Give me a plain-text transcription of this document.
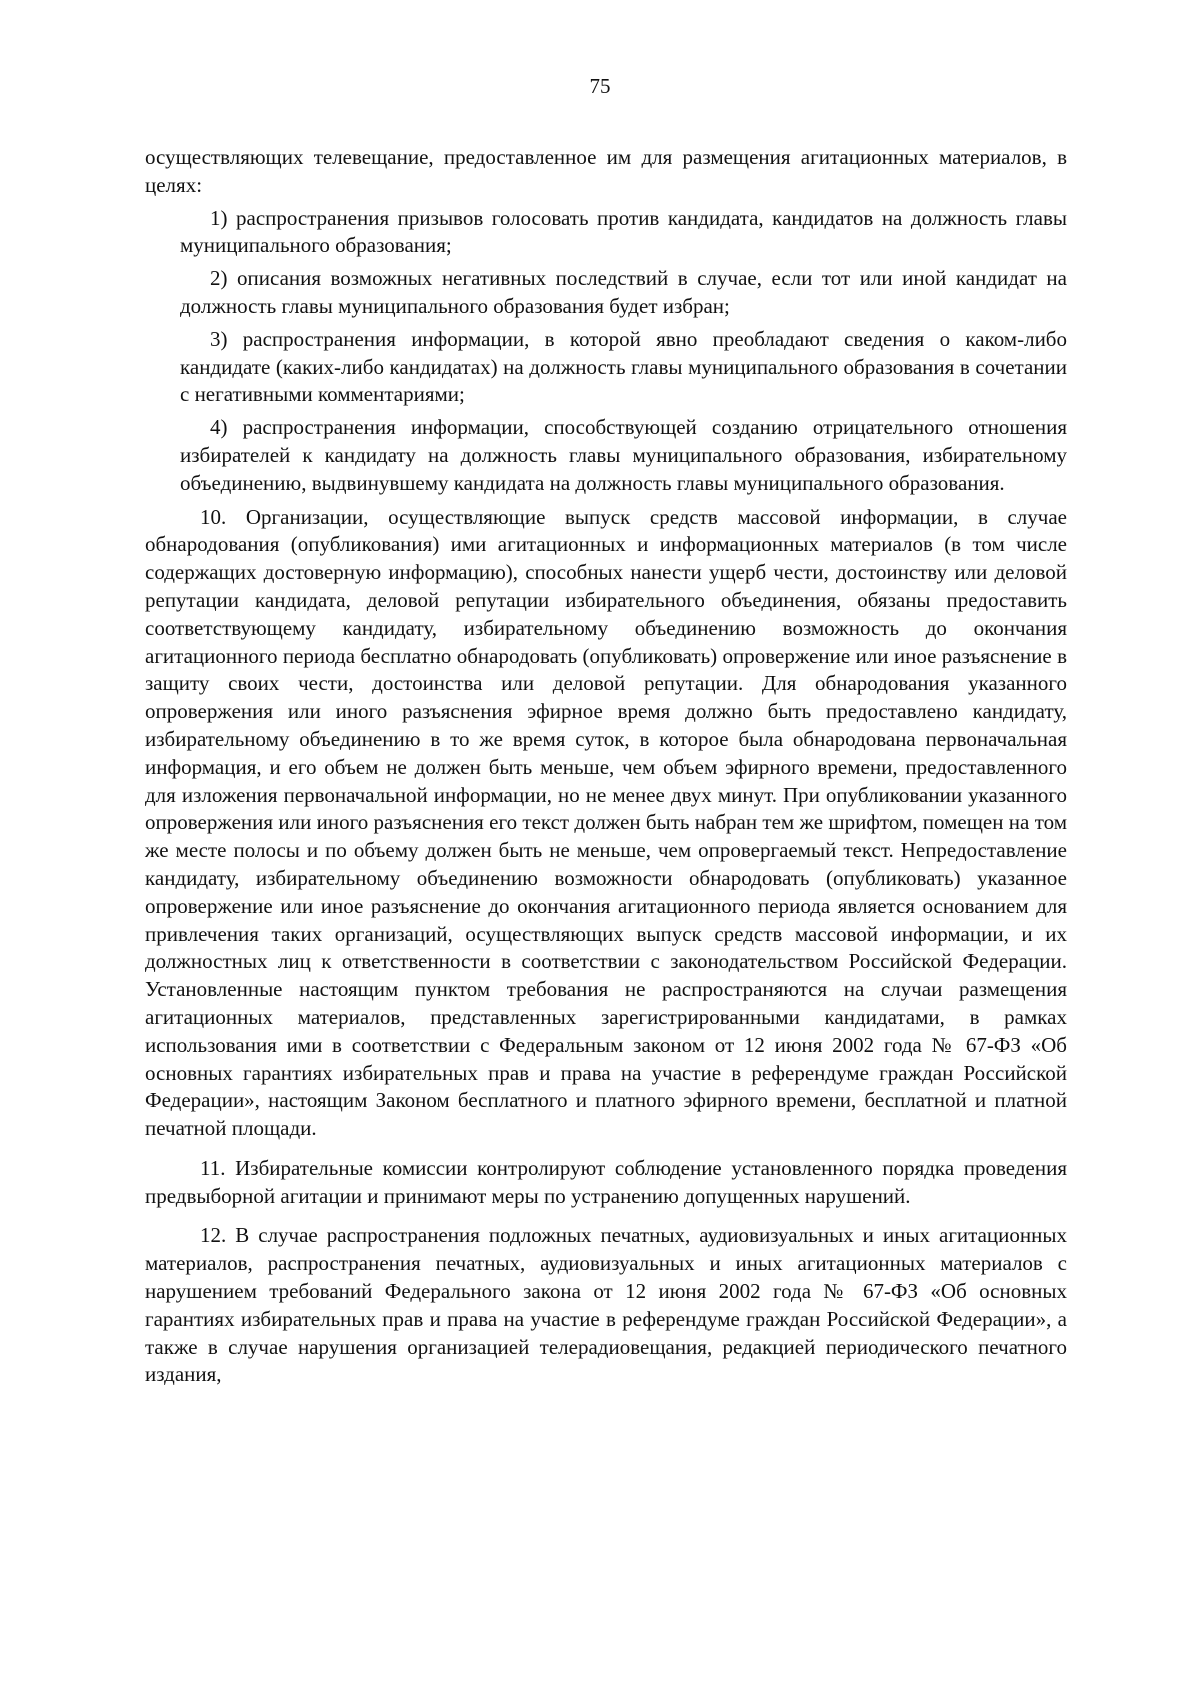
75

осуществляющих телевещание, предоставленное им для размещения агитационных материалов, в целях:

1) распространения призывов голосовать против кандидата, кандидатов на должность главы муниципального образования;

2) описания возможных негативных последствий в случае, если тот или иной кандидат на должность главы муниципального образования будет избран;

3) распространения информации, в которой явно преобладают сведения о каком-либо кандидате (каких-либо кандидатах) на должность главы муниципального образования в сочетании с негативными комментариями;

4) распространения информации, способствующей созданию отрицательного отношения избирателей к кандидату на должность главы муниципального образования, избирательному объединению, выдвинувшему кандидата на должность главы муниципального образования.

10. Организации, осуществляющие выпуск средств массовой информации, в случае обнародования (опубликования) ими агитационных и информационных материалов (в том числе содержащих достоверную информацию), способных нанести ущерб чести, достоинству или деловой репутации кандидата, деловой репутации избирательного объединения, обязаны предоставить соответствующему кандидату, избирательному объединению возможность до окончания агитационного периода бесплатно обнародовать (опубликовать) опровержение или иное разъяснение в защиту своих чести, достоинства или деловой репутации. Для обнародования указанного опровержения или иного разъяснения эфирное время должно быть предоставлено кандидату, избирательному объединению в то же время суток, в которое была обнародована первоначальная информация, и его объем не должен быть меньше, чем объем эфирного времени, предоставленного для изложения первоначальной информации, но не менее двух минут. При опубликовании указанного опровержения или иного разъяснения его текст должен быть набран тем же шрифтом, помещен на том же месте полосы и по объему должен быть не меньше, чем опровергаемый текст. Непредоставление кандидату, избирательному объединению возможности обнародовать (опубликовать) указанное опровержение или иное разъяснение до окончания агитационного периода является основанием для привлечения таких организаций, осуществляющих выпуск средств массовой информации, и их должностных лиц к ответственности в соответствии с законодательством Российской Федерации. Установленные настоящим пунктом требования не распространяются на случаи размещения агитационных материалов, представленных зарегистрированными кандидатами, в рамках использования ими в соответствии с Федеральным законом от 12 июня 2002 года № 67-ФЗ «Об основных гарантиях избирательных прав и права на участие в референдуме граждан Российской Федерации», настоящим Законом бесплатного и платного эфирного времени, бесплатной и платной печатной площади.

11. Избирательные комиссии контролируют соблюдение установленного порядка проведения предвыборной агитации и принимают меры по устранению допущенных нарушений.

12. В случае распространения подложных печатных, аудиовизуальных и иных агитационных материалов, распространения печатных, аудиовизуальных и иных агитационных материалов с нарушением требований Федерального закона от 12 июня 2002 года № 67-ФЗ «Об основных гарантиях избирательных прав и права на участие в референдуме граждан Российской Федерации», а также в случае нарушения организацией телерадиовещания, редакцией периодического печатного издания,
